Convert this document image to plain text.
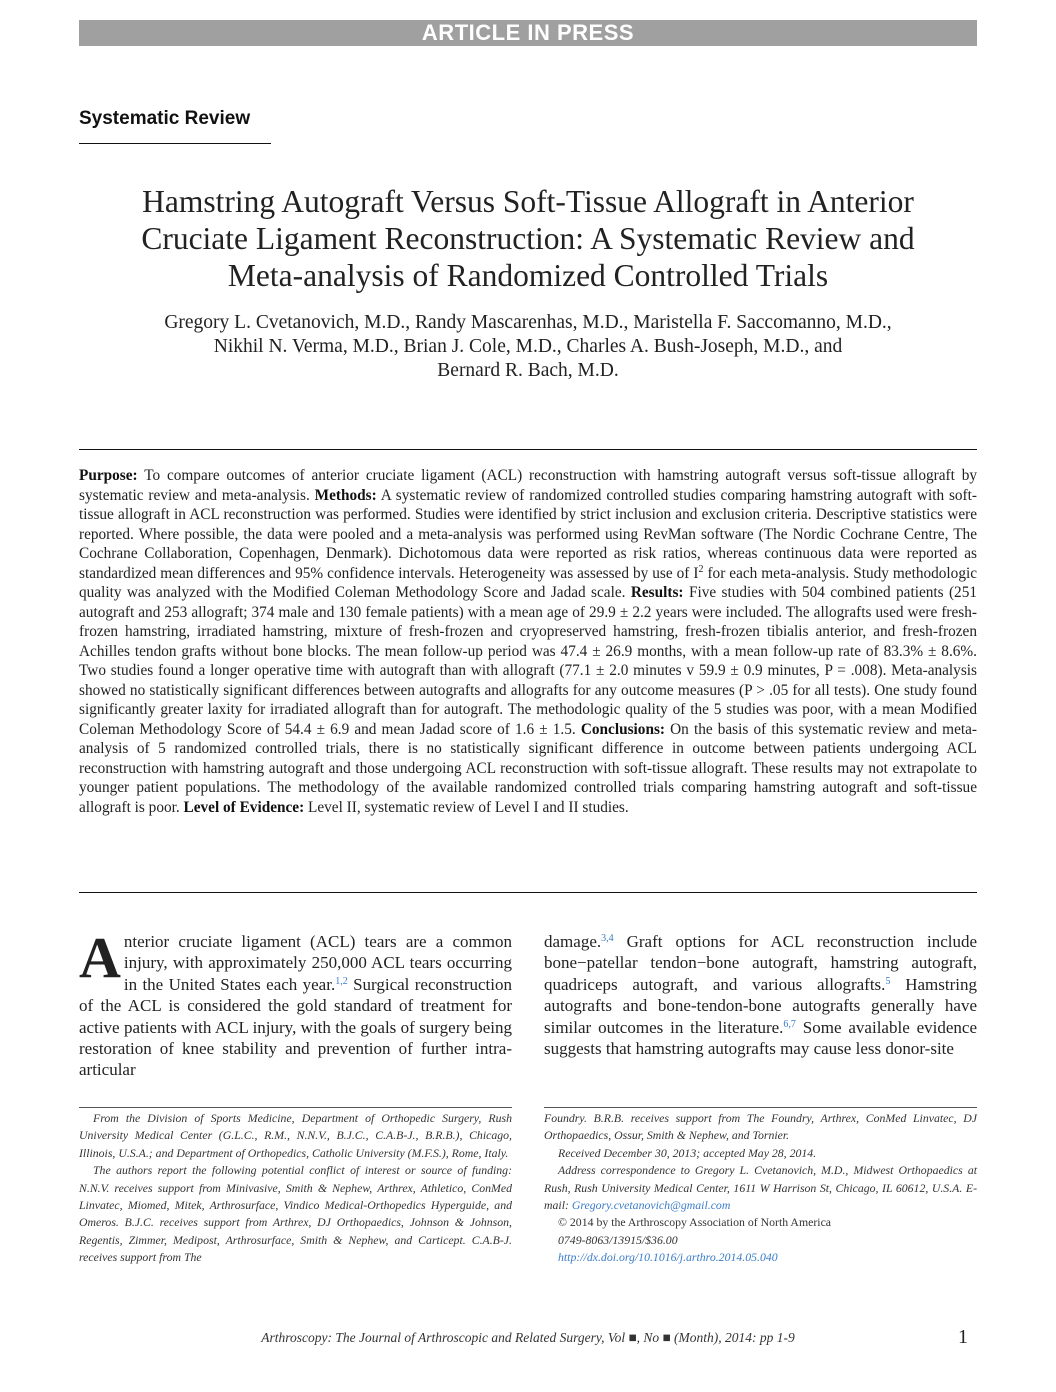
ARTICLE IN PRESS
Systematic Review
Hamstring Autograft Versus Soft-Tissue Allograft in Anterior
Cruciate Ligament Reconstruction: A Systematic Review and
Meta-analysis of Randomized Controlled Trials
Gregory L. Cvetanovich, M.D., Randy Mascarenhas, M.D., Maristella F. Saccomanno, M.D.,
Nikhil N. Verma, M.D., Brian J. Cole, M.D., Charles A. Bush-Joseph, M.D., and
Bernard R. Bach, M.D.
Purpose: To compare outcomes of anterior cruciate ligament (ACL) reconstruction with hamstring autograft versus soft-tissue allograft by systematic review and meta-analysis. Methods: A systematic review of randomized controlled studies comparing hamstring autograft with soft-tissue allograft in ACL reconstruction was performed. Studies were identified by strict inclusion and exclusion criteria. Descriptive statistics were reported. Where possible, the data were pooled and a meta-analysis was performed using RevMan software (The Nordic Cochrane Centre, The Cochrane Collaboration, Copenhagen, Denmark). Dichotomous data were reported as risk ratios, whereas continuous data were reported as standardized mean differences and 95% confidence intervals. Heterogeneity was assessed by use of $I^2$ for each meta-analysis. Study methodologic quality was analyzed with the Modified Coleman Methodology Score and Jadad scale. Results: Five studies with 504 combined patients (251 autograft and 253 allograft; 374 male and 130 female patients) with a mean age of 29.9 ± 2.2 years were included. The allografts used were fresh-frozen hamstring, irradiated hamstring, mixture of fresh-frozen and cryopreserved hamstring, fresh-frozen tibialis anterior, and fresh-frozen Achilles tendon grafts without bone blocks. The mean follow-up period was 47.4 ± 26.9 months, with a mean follow-up rate of 83.3% ± 8.6%. Two studies found a longer operative time with autograft than with allograft (77.1 ± 2.0 minutes v 59.9 ± 0.9 minutes, P = .008). Meta-analysis showed no statistically significant differences between autografts and allografts for any outcome measures (P > .05 for all tests). One study found significantly greater laxity for irradiated allograft than for autograft. The methodologic quality of the 5 studies was poor, with a mean Modified Coleman Methodology Score of 54.4 ± 6.9 and mean Jadad score of 1.6 ± 1.5. Conclusions: On the basis of this systematic review and meta-analysis of 5 randomized controlled trials, there is no statistically significant difference in outcome between patients undergoing ACL reconstruction with hamstring autograft and those undergoing ACL reconstruction with soft-tissue allograft. These results may not extrapolate to younger patient populations. The methodology of the available randomized controlled trials comparing hamstring autograft and soft-tissue allograft is poor. Level of Evidence: Level II, systematic review of Level I and II studies.
A nterior cruciate ligament (ACL) tears are a common injury, with approximately 250,000 ACL tears occurring in the United States each year.$^{1,2}$ Surgical reconstruction of the ACL is considered the gold standard of treatment for active patients with ACL injury, with the goals of surgery being restoration of knee stability and prevention of further intra-articular
damage.$^{3,4}$ Graft options for ACL reconstruction include bone−patellar tendon−bone autograft, hamstring autograft, quadriceps autograft, and various allografts.$^5$ Hamstring autografts and bone-tendon-bone autografts generally have similar outcomes in the literature.$^{6,7}$ Some available evidence suggests that hamstring autografts may cause less donor-site

From the Division of Sports Medicine, Department of Orthopedic Surgery, Rush University Medical Center (G.L.C., R.M., N.N.V., B.J.C., C.A.B-J., B.R.B.), Chicago, Illinois, U.S.A.; and Department of Orthopedics, Catholic University (M.F.S.), Rome, Italy.

The authors report the following potential conflict of interest or source of funding: N.N.V. receives support from Minivasive, Smith & Nephew, Arthrex, Athletico, ConMed Linvatec, Miomed, Mitek, Arthrosurface, Vindico Medical-Orthopedics Hyperguide, and Omeros. B.J.C. receives support from Arthrex, DJ Orthopaedics, Johnson & Johnson, Regentis, Zimmer, Medipost, Arthrosurface, Smith & Nephew, and Carticept. C.A.B-J. receives support from The

Foundry. B.R.B. receives support from The Foundry, Arthrex, ConMed Linvatec, DJ Orthopaedics, Ossur, Smith & Nephew, and Tornier.

Received December 30, 2013; accepted May 28, 2014.

Address correspondence to Gregory L. Cvetanovich, M.D., Midwest Orthopaedics at Rush, Rush University Medical Center, 1611 W Harrison St, Chicago, IL 60612, U.S.A. E-mail: Gregory.cvetanovich@gmail.com

© 2014 by the Arthroscopy Association of North America

0749-8063/13915/$36.00

http://dx.doi.org/10.1016/j.arthro.2014.05.040

Arthroscopy: The Journal of Arthroscopic and Related Surgery, Vol ■, No ■ (Month), 2014: pp 1-9	1
